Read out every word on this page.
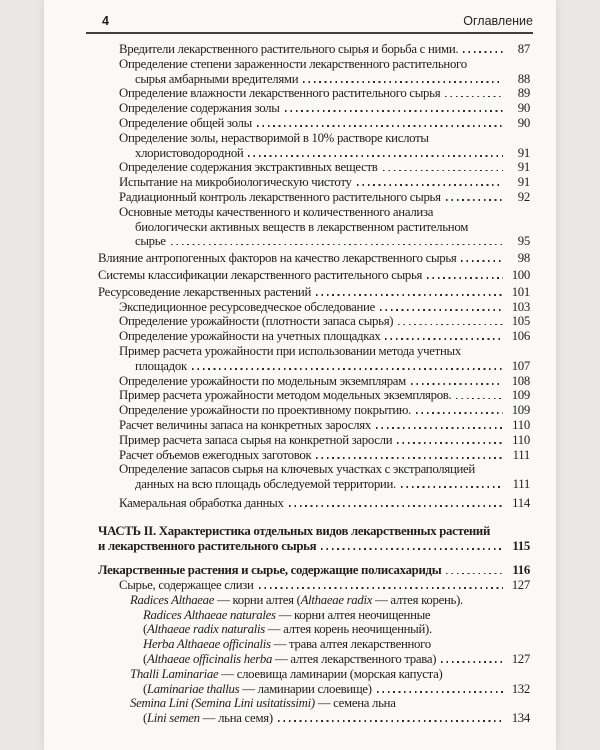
4	Оглавление
Вредители лекарственного растительного сырья и борьба с ними.	87
Определение степени зараженности лекарственного растительного
сырья амбарными вредителями	88
Определение влажности лекарственного растительного сырья	89
Определение содержания золы	90
Определение общей золы	90
Определение золы, нерастворимой в 10% растворе кислоты
хлористоводородной	91
Определение содержания экстрактивных веществ	91
Испытание на микробиологическую чистоту	91
Радиационный контроль лекарственного растительного сырья	92
Основные методы качественного и количественного анализа
биологически активных веществ в лекарственном растительном
сырье	95
Влияние антропогенных факторов на качество лекарственного сырья	98
Системы классификации лекарственного растительного сырья	100
Ресурсоведение лекарственных растений	101
Экспедиционное ресурсоведческое обследование	103
Определение урожайности (плотности запаса сырья)	105
Определение урожайности на учетных площадках	106
Пример расчета урожайности при использовании метода учетных
площадок	107
Определение урожайности по модельным экземплярам	108
Пример расчета урожайности методом модельных экземпляров.	109
Определение урожайности по проективному покрытию.	109
Расчет величины запаса на конкретных зарослях	110
Пример расчета запаса сырья на конкретной заросли	110
Расчет объемов ежегодных заготовок	111
Определение запасов сырья на ключевых участках с экстраполяцией
данных на всю площадь обследуемой территории.	111
Камеральная обработка данных	114
ЧАСТЬ II. Характеристика отдельных видов лекарственных растений
и лекарственного растительного сырья	115
Лекарственные растения и сырье, содержащие полисахариды	116
Сырье, содержащее слизи	127
Radices Althaeae — корни алтея (Althaeae radix — алтея корень).
Radices Althaeae naturales — корни алтея неочищенные
(Althaeae radix naturalis — алтея корень неочищенный).
Herba Althaeae officinalis — трава алтея лекарственного
(Althaeae officinalis herba — алтея лекарственного трава)	127
Thalli Laminariae — слоевища ламинарии (морская капуста)
(Laminariae thallus — ламинарии слоевище)	132
Semina Lini (Semina Lini usitatissimi) — семена льна
(Lini semen — льна семя)	134
